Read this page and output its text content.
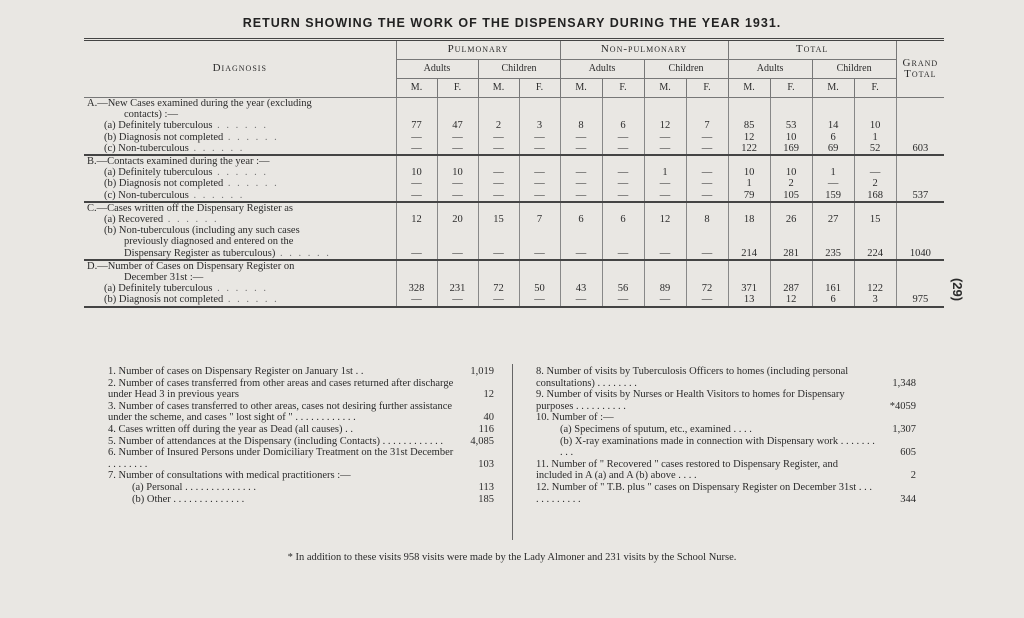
RETURN SHOWING THE WORK OF THE DISPENSARY DURING THE YEAR 1931.
Diagnosis	Pulmonary				Non-pulmonary				Total				Grand Total
	Adults		Children		Adults		Children		Adults		Children		
	M.	F.	M.	F.	M.	F.	M.	F.	M.	F.	M.	F.	
A.—New Cases examined during the year (excluding													
contacts) :—													
(a) Definitely tuberculous . . . . . .	77	47	2	3	8	6	12	7	85	53	14	10	
(b) Diagnosis not completed . . . . . .	—	—	—	—	—	—	—	—	12	10	6	1	
(c) Non-tuberculous . . . . . .	—	—	—	—	—	—	—	—	122	169	69	52	603
B.—Contacts examined during the year :—													
(a) Definitely tuberculous . . . . . .	10	10	—	—	—	—	1	—	10	10	1	—	
(b) Diagnosis not completed . . . . . .	—	—	—	—	—	—	—	—	1	2	—	2	
(c) Non-tuberculous . . . . . .	—	—	—	—	—	—	—	—	79	105	159	168	537
C.—Cases written off the Dispensary Register as													
(a) Recovered . . . . . .	12	20	15	7	6	6	12	8	18	26	27	15	
(b) Non-tuberculous (including any such cases													
previously diagnosed and entered on the													
Dispensary Register as tuberculous) . . . . . .	—	—	—	—	—	—	—	—	214	281	235	224	1040
D.—Number of Cases on Dispensary Register on													
December 31st :—													
(a) Definitely tuberculous . . . . . .	328	231	72	50	43	56	89	72	371	287	161	122	
(b) Diagnosis not completed . . . . . .	—	—	—	—	—	—	—	—	13	12	6	3	975 (29)
1. Number of cases on Dispensary Register on January 1st . .	1,019
2. Number of cases transferred from other areas and cases returned after discharge under Head 3 in previous years	12
3. Number of cases transferred to other areas, cases not desiring further assistance under the scheme, and cases " lost sight of " . . . . . . . . . . . .	40
4. Cases written off during the year as Dead (all causes) . .	116
5. Number of attendances at the Dispensary (including Contacts) . . . . . . . . . . . .	4,085
6. Number of Insured Persons under Domiciliary Treatment on the 31st December . . . . . . . .	103
7. Number of consultations with medical practitioners :—
(a) Personal . . . . . . . . . . . . . .	113
(b) Other . . . . . . . . . . . . . .	185
8. Number of visits by Tuberculosis Officers to homes (including personal consultations) . . . . . . . .	1,348
9. Number of visits by Nurses or Health Visitors to homes for Dispensary purposes . . . . . . . . . .	*4059
10. Number of :—
(a) Specimens of sputum, etc., examined . . . .	1,307
(b) X-ray examinations made in connection with Dispensary work . . . . . . . . . .	605
11. Number of " Recovered " cases restored to Dispensary Register, and included in A (a) and A (b) above . . . .	2
12. Number of " T.B. plus " cases on Dispensary Register on December 31st . . . . . . . . . . . .	344
* In addition to these visits 958 visits were made by the Lady Almoner and 231 visits by the School Nurse.
